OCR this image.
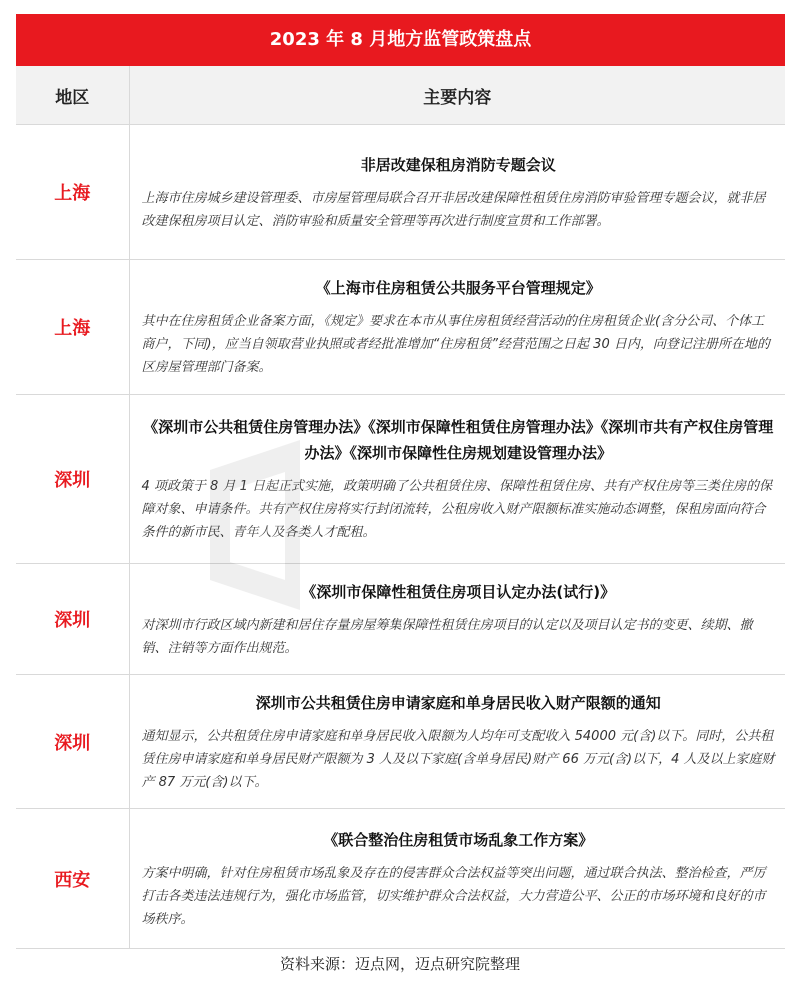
2023 年 8 月地方监管政策盘点
地区	主要内容
上海	非居改建保租房消防专题会议
上海市住房城乡建设管理委、市房屋管理局联合召开非居改建保障性租赁住房消防审验管理专题会议，就非居改建保租房项目认定、消防审验和质量安全管理等再次进行制度宣贯和工作部署。

上海	《上海市住房租赁公共服务平台管理规定》
其中在住房租赁企业备案方面，《规定》要求在本市从事住房租赁经营活动的住房租赁企业(含分公司、个体工商户，下同)，应当自领取营业执照或者经批准增加“住房租赁”经营范围之日起 30 日内，向登记注册所在地的区房屋管理部门备案。

深圳	《深圳市公共租赁住房管理办法》《深圳市保障性租赁住房管理办法》《深圳市共有产权住房管理办法》《深圳市保障性住房规划建设管理办法》
4 项政策于 8 月 1 日起正式实施，政策明确了公共租赁住房、保障性租赁住房、共有产权住房等三类住房的保障对象、申请条件。共有产权住房将实行封闭流转，公租房收入财产限额标准实施动态调整，保租房面向符合条件的新市民、青年人及各类人才配租。

深圳	《深圳市保障性租赁住房项目认定办法(试行)》
对深圳市行政区域内新建和居住存量房屋筹集保障性租赁住房项目的认定以及项目认定书的变更、续期、撤销、注销等方面作出规范。

深圳	深圳市公共租赁住房申请家庭和单身居民收入财产限额的通知
通知显示，公共租赁住房申请家庭和单身居民收入限额为人均年可支配收入 54000 元(含)以下。同时，公共租赁住房申请家庭和单身居民财产限额为 3 人及以下家庭(含单身居民)财产 66 万元(含)以下，4 人及以上家庭财产 87 万元(含)以下。

西安	《联合整治住房租赁市场乱象工作方案》
方案中明确，针对住房租赁市场乱象及存在的侵害群众合法权益等突出问题，通过联合执法、整治检查，严厉打击各类违法违规行为，强化市场监管，切实维护群众合法权益，大力营造公平、公正的市场环境和良好的市场秩序。
资料来源：迈点网，迈点研究院整理
